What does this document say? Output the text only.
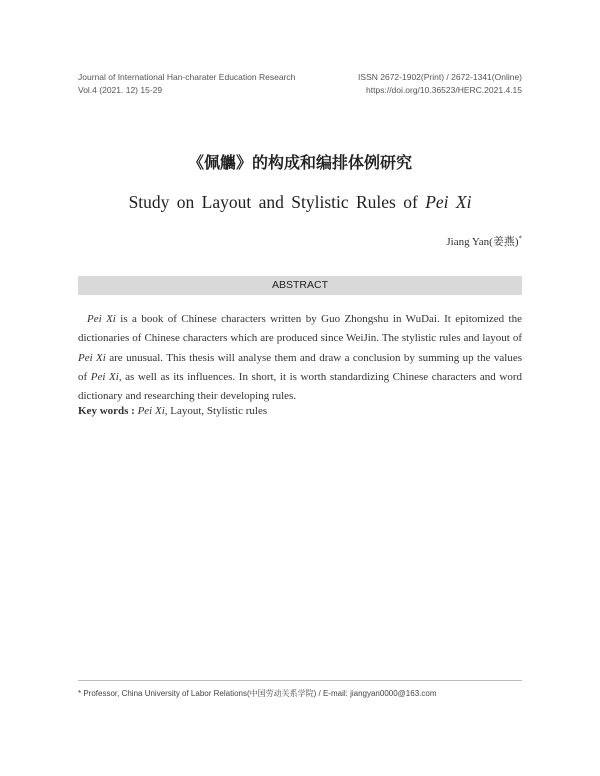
Journal of International Han-charater Education Research
Vol.4 (2021. 12) 15-29
ISSN 2672-1902(Print) / 2672-1341(Online)
https://doi.org/10.36523/HERC.2021.4.15
《佩觿》的构成和编排体例研究
Study on Layout and Stylistic Rules of Pei Xi
Jiang Yan(姜燕)*
ABSTRACT

Pei Xi is a book of Chinese characters written by Guo Zhongshu in WuDai. It epitomized the dictionaries of Chinese characters which are produced since WeiJin. The stylistic rules and layout of Pei Xi are unusual. This thesis will analyse them and draw a conclusion by summing up the values of Pei Xi, as well as its influences. In short, it is worth standardizing Chinese characters and word dictionary and researching their developing rules.

Key words : Pei Xi, Layout, Stylistic rules
* Professor, China University of Labor Relations(中国劳动关系学院) / E-mail: jiangyan0000@163.com
